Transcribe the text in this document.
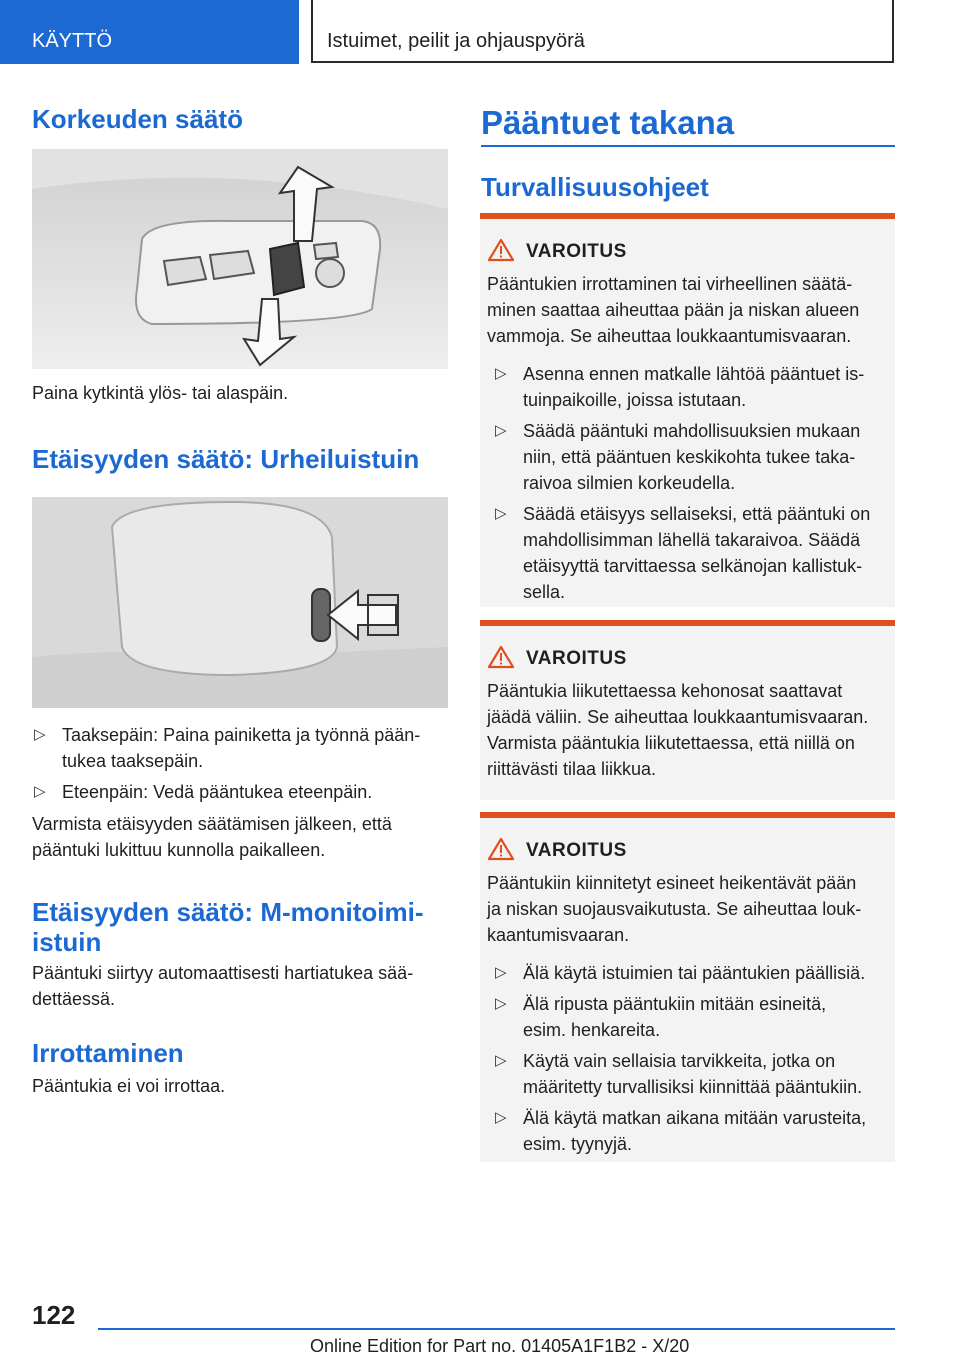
KÄYTTÖ	Istuimet, peilit ja ohjauspyörä
Korkeuden säätö

Paina kytkintä ylös- tai alaspäin.

Etäisyyden säätö: Urheiluistuin
▷ Taaksepäin: Paina painiketta ja työnnä pään-
tukea taaksepäin.
▷ Eteenpäin: Vedä pääntukea eteenpäin.

Varmista etäisyyden säätämisen jälkeen, että
pääntuki lukittuu kunnolla paikalleen.

Etäisyyden säätö: M-monitoimi-
istuin

Pääntuki siirtyy automaattisesti hartiatukea sää-
dettäessä.

Irrottaminen

Pääntukia ei voi irrottaa.

Pääntuet takana
Turvallisuusohjeet
VAROITUS
Pääntukien irrottaminen tai virheellinen säätä-
minen saattaa aiheuttaa pään ja niskan alueen
vammoja. Se aiheuttaa loukkaantumisvaaran.
▷ Asenna ennen matkalle lähtöä pääntuet is-
tuinpaikoille, joissa istutaan.
▷ Säädä pääntuki mahdollisuuksien mukaan
niin, että pääntuen keskikohta tukee taka-
raivoa silmien korkeudella.
▷ Säädä etäisyys sellaiseksi, että pääntuki on
mahdollisimman lähellä takaraivoa. Säädä
etäisyyttä tarvittaessa selkänojan kallistuk-
sella.
VAROITUS
Pääntukia liikutettaessa kehonosat saattavat
jäädä väliin. Se aiheuttaa loukkaantumisvaaran.
Varmista pääntukia liikutettaessa, että niillä on
riittävästi tilaa liikkua.
VAROITUS
Pääntukiin kiinnitetyt esineet heikentävät pään
ja niskan suojausvaikutusta. Se aiheuttaa louk-
kaantumisvaaran.
▷ Älä käytä istuimien tai pääntukien päällisiä.
▷ Älä ripusta pääntukiin mitään esineitä,
esim. henkareita.
▷ Käytä vain sellaisia tarvikkeita, jotka on
määritetty turvallisiksi kiinnittää pääntukiin.
▷ Älä käytä matkan aikana mitään varusteita,
esim. tyynyjä.
122
Online Edition for Part no. 01405A1F1B2 - X/20
